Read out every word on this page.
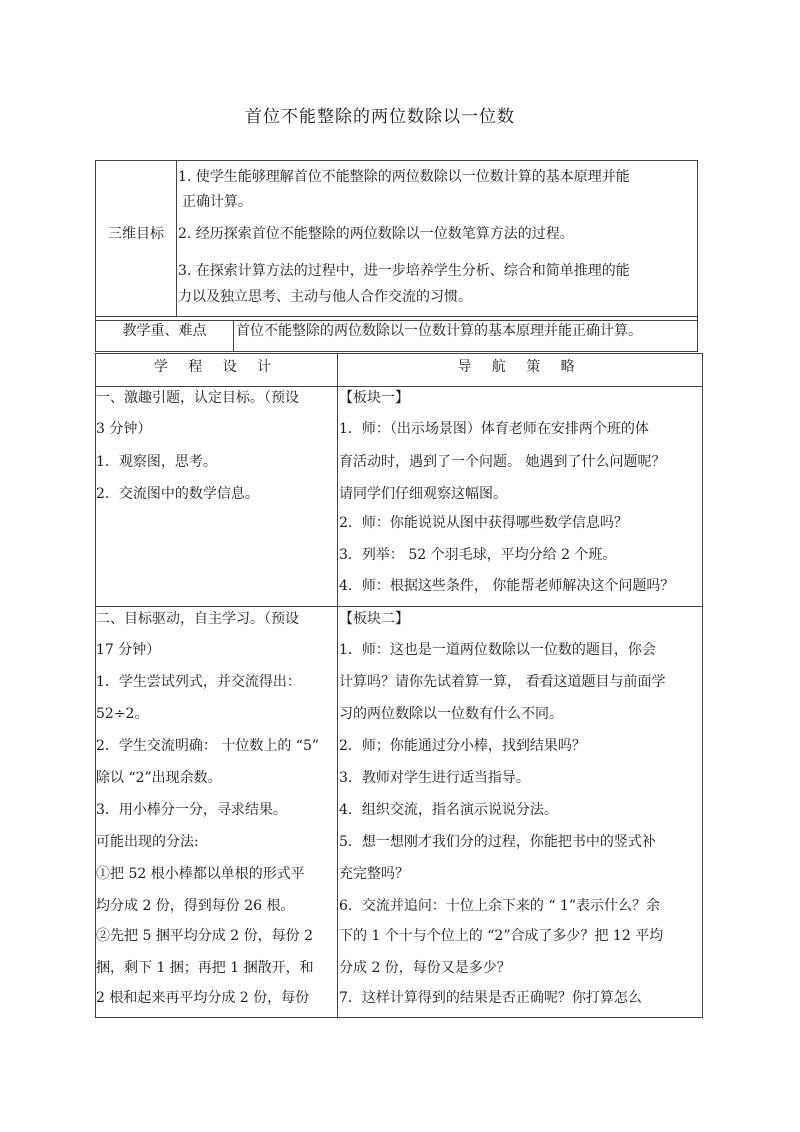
首位不能整除的两位数除以一位数
三维目标
1. 使学生能够理解首位不能整除的两位数除以一位数计算的基本原理并能
正确计算。
2. 经历探索首位不能整除的两位数除以一位数笔算方法的过程。
3. 在探索计算方法的过程中，进一步培养学生分析、综合和简单推理的能
力以及独立思考、主动与他人合作交流的习惯。
教学重、难点	首位不能整除的两位数除以一位数计算的基本原理并能正确计算。
学 程 设 计	导 航 策 略
一、激趣引题，认定目标。（预设
3 分钟）
1．观察图，思考。
2．交流图中的数学信息。
二、目标驱动，自主学习。（预设
17 分钟）
1．学生尝试列式，并交流得出：
52÷2。
2．学生交流明确： 十位数上的 “5”
除以 “2”出现余数。
3．用小棒分一分，寻求结果。
可能出现的分法:
①把 52 根小棒都以单根的形式平
均分成 2 份，得到每份 26 根。
②先把 5 捆平均分成 2 份，每份 2
捆，剩下 1 捆；再把 1 捆散开，和
2 根和起来再平均分成 2 份，每份
【板块一】
1．师：（出示场景图）体育老师在安排两个班的体
育活动时，遇到了一个问题。 她遇到了什么问题呢？
请同学们仔细观察这幅图。
2．师：你能说说从图中获得哪些数学信息吗？
3．列举： 52 个羽毛球，平均分给 2 个班。
4．师：根据这些条件， 你能帮老师解决这个问题吗？
【板块二】
1．师：这也是一道两位数除以一位数的题目，你会
计算吗？请你先试着算一算， 看看这道题目与前面学
习的两位数除以一位数有什么不同。
2．师；你能通过分小棒，找到结果吗？
3．教师对学生进行适当指导。
4．组织交流，指名演示说说分法。
5．想一想刚才我们分的过程，你能把书中的竖式补
充完整吗？
6．交流并追问：十位上余下来的 “ 1”表示什么？余
下的 1 个十与个位上的 “2”合成了多少？把 12 平均
分成 2 份，每份又是多少？
7．这样计算得到的结果是否正确呢？你打算怎么
